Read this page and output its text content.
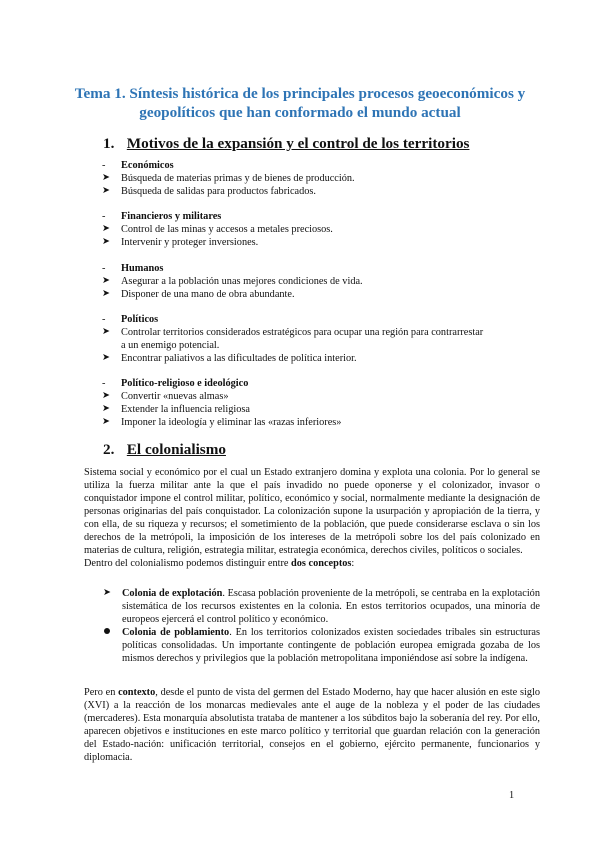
Tema 1. Síntesis histórica de los principales procesos geoeconómicos y
geopolíticos que han conformado el mundo actual
1. Motivos de la expansión y el control de los territorios
- Económicos
➤ Búsqueda de materias primas y de bienes de producción.
➤ Búsqueda de salidas para productos fabricados.
- Financieros y militares
➤ Control de las minas y accesos a metales preciosos.
➤ Intervenir y proteger inversiones.
- Humanos
➤ Asegurar a la población unas mejores condiciones de vida.
➤ Disponer de una mano de obra abundante.
- Políticos
➤ Controlar territorios considerados estratégicos para ocupar una región para contrarrestar
a un enemigo potencial.
➤ Encontrar paliativos a las dificultades de política interior.
- Político-religioso e ideológico
➤ Convertir «nuevas almas»
➤ Extender la influencia religiosa
➤ Imponer la ideología y eliminar las «razas inferiores»
2. El colonialismo
Sistema social y económico por el cual un Estado extranjero domina y explota una colonia. Por lo general se utiliza la fuerza militar ante la que el país invadido no puede oponerse y el colonizador, invasor o conquistador impone el control militar, político, económico y social, normalmente mediante la designación de personas originarias del país conquistador. La colonización supone la usurpación y apropiación de la tierra, y con ella, de su riqueza y recursos; el sometimiento de la población, que puede considerarse esclava o sin los derechos de la metrópoli, la imposición de los intereses de la metrópoli sobre los del país colonizado en materias de cultura, religión, estrategia militar, estrategia económica, derechos civiles, políticos o sociales.
Dentro del colonialismo podemos distinguir entre dos conceptos:
➤ Colonia de explotación. Escasa población proveniente de la metrópoli, se centraba en la explotación sistemática de los recursos existentes en la colonia. En estos territorios ocupados, una minoría de europeos ejercerá el control político y económico.
Colonia de poblamiento. En los territorios colonizados existen sociedades tribales sin estructuras políticas consolidadas. Un importante contingente de población europea emigrada gozaba de los mismos derechos y privilegios que la población metropolitana imponiéndose así sobre la indígena.
Pero en contexto, desde el punto de vista del germen del Estado Moderno, hay que hacer alusión en este siglo (XVI) a la reacción de los monarcas medievales ante el auge de la nobleza y el poder de las ciudades (mercaderes). Esta monarquía absolutista trataba de mantener a los súbditos bajo la soberanía del rey. Por ello, aparecen objetivos e instituciones en este marco político y territorial que guardan relación con la generación del Estado-nación: unificación territorial, consejos en el gobierno, ejército permanente, funcionarios y diplomacia.
1
